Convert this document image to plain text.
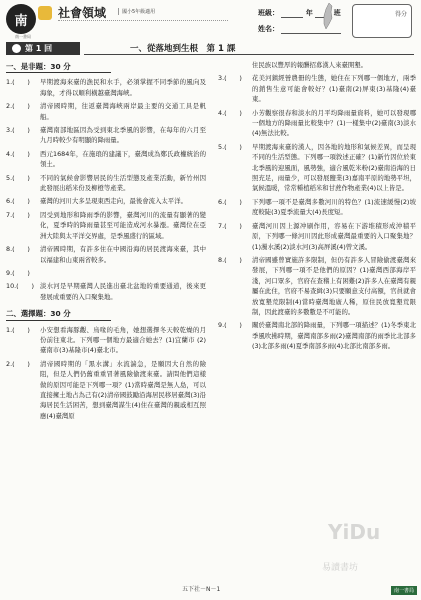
南
南一書局
社會領域	國小5年級適用	班級：	年	班
姓名：
得分
第 1 回	一、從落地到生根　第 1 課
一、是非題：30 分
1.(　　)	早期渡海來臺的漁民和水手，必須掌握不同季節的風向及海象，才得以順利橫越臺灣海峽。
2.(　　)	清帝國時期，往返臺灣海峽兩岸最主要的交通工具是帆船。
3.(　　)	臺灣南部地區因為受到東北季風的影響，在每年的六月至九月時較少有明顯的降雨量。
4.(　　)	西元1684年，在施琅的建議下，臺灣成為鄭氏政權統治的領土。
5.(　　)	不同的氣候會影響居民的生活型態及產業活動，新竹州因此發展出稻米份及柳橙等產業。
6.(　　)	臺灣的河川大多呈現東西走向，最後會流入太平洋。
7.(　　)	因受到地形和降雨季的影響，臺灣河川的流量有顯著的變化，夏季時的降雨量甚至可能造成河水暴漲。臺灣位在亞洲大陸與太平洋交界處，是季風盛行的區域。
8.(　　)	清帝國時期，有許多住在中國沿海的居民渡海來臺，其中以福建和山東兩省較多。
9.(　　)
10.(　　) 淡水河是早期臺灣人民進出臺北盆地的重要通道，後來更發展成重要的入口聚集地。
二、選擇題：30 分
1.(　　)	小安想看海豚觀、鳥喙的毛角，她想選擇冬天較乾燥的月份前往東北。下列哪一個地方最適合她去？(1)宜蘭市 (2)臺南市(3)基隆市(4)臺北市。
2.(　　)	清帝國時期的「黑水溝」水流湍急，是願因大自然的險阻，但是人們仍舊重重冒著風險偷渡來臺。請問他們這樣做的原因可能是下列哪一項？(1)當時臺灣是無人島，可以直接擁土地占為己有(2)清帝國鼓勵沿海居民移居臺灣(3)沿海居民生活困苦，想到臺灣謀生(4)住在臺灣的親戚相互照應(4)臺灣原
住民族以豐厚的報酬招募漢人來臺開墾。
3.(　　)	花美河鎮經營農冊的生態，她住在下列哪一個地方，兩季的銷售生意可能會較好？(1)臺南(2)屏東(3)基隆(4)臺東。
4.(　　)	小芳觀察很春和淡水的月平均降雨量資料，她可以發現哪一個地方的降雨量比較集中？(1)一樣集中(2)臺南(3)淡水(4)無法比較。
5.(　　)	早期渡海來臺的漢人，因各地的地形和氣候差異，而呈現不同的生活型態。下列哪一項敘述正確？(1)新竹因位於東北季風的迎風面，風勢強，適合風乾米粉(2)臺南沿海的日照充足，雨量少，可以發展鹽業(3)嘉南平原的地勢平坦，氣候溫暖，常常種植稻米和甘蔗作物產業(4)以上皆是。
6.(　　)	下列哪一項不是臺灣多數河川的特色？(1)流速緩慢(2)坡度較陡(3)夏季流量大(4)長度短。
7.(　　)	臺灣河川因上源冲刷作用，容易在下游堆積形成沖積平原，下列哪一條河川因此形成臺灣最重要的入口聚集地？(1)濁水溪(2)淡水河(3)高屏溪(4)曾文溪。
8.(　　)	清帝國雖曾實施許多限制，但仍有許多人冒險偷渡臺灣來發展，下列哪一項不是他們的原因？(1)臺灣西部海岸平淺，河口眾多，官府在查稽上有困難(2)許多人在臺灣有親屬在此住，官府不易查緝(3)只要願意支付高額，官員就會放寬墾荒限制(4)當時臺灣地廣人稀，原住民放寬墾荒限制，因此渡臺的多數數是不可能的。
9.(　　)	關於臺灣南北部的降雨量，下列哪一項描述？(1)冬季東北季風吹拂時期，臺灣南部多雨(2)臺灣南部的雨季比北部多(3)北部多雨(4)夏季南部多雨(4)北部比南部多雨。
YiDu
易讀書坊
五下社－N－1	南一書局
